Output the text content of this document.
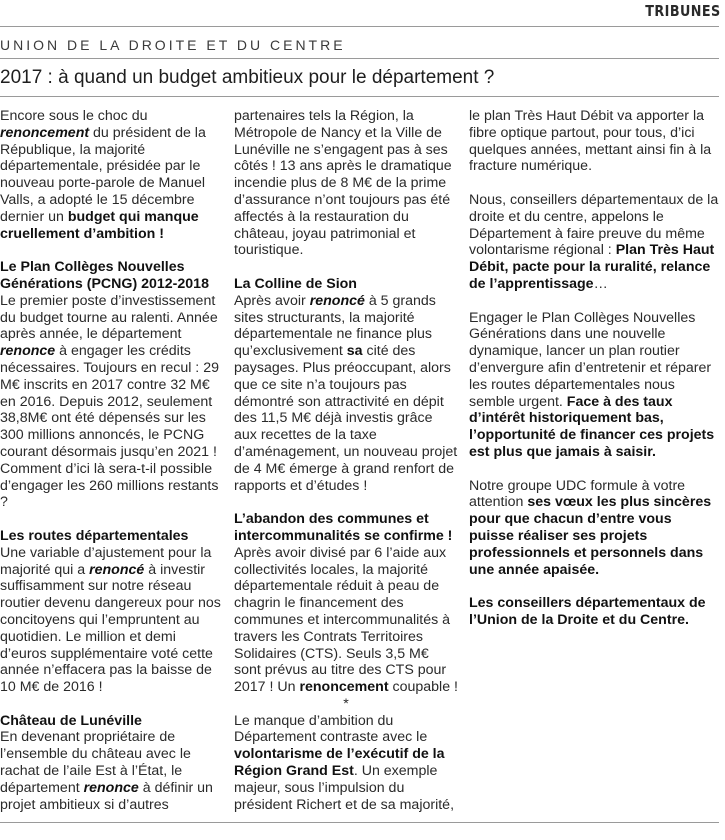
TRIBUNES
UNION DE LA DROITE ET DU CENTRE
2017 : à quand un budget ambitieux pour le département ?

Encore sous le choc du renoncement du président de la République, la majorité départementale, présidée par le nouveau porte-parole de Manuel Valls, a adopté le 15 décembre dernier un budget qui manque cruellement d’ambition !

Le Plan Collèges Nouvelles Générations (PCNG) 2012-2018
Le premier poste d’investissement du budget tourne au ralenti. Année après année, le département renonce à engager les crédits nécessaires. Toujours en recul : 29 M€ inscrits en 2017 contre 32 M€ en 2016. Depuis 2012, seulement 38,8M€ ont été dépensés sur les 300 millions annoncés, le PCNG courant désormais jusqu’en 2021 ! Comment d’ici là sera-t-il possible d’engager les 260 millions restants ?

Les routes départementales
Une variable d’ajustement pour la majorité qui a renoncé à investir suffisamment sur notre réseau routier devenu dangereux pour nos concitoyens qui l’empruntent au quotidien. Le million et demi d’euros supplémentaire voté cette année n’effacera pas la baisse de 10 M€ de 2016 !

Château de Lunéville
En devenant propriétaire de l’ensemble du château avec le rachat de l’aile Est à l’État, le département renonce à définir un projet ambitieux si d’autres

partenaires tels la Région, la Métropole de Nancy et la Ville de Lunéville ne s’engagent pas à ses côtés ! 13 ans après le dramatique incendie plus de 8 M€ de la prime d’assurance n’ont toujours pas été affectés à la restauration du château, joyau patrimonial et touristique.

La Colline de Sion
Après avoir renoncé à 5 grands sites structurants, la majorité départementale ne finance plus qu’exclusivement sa cité des paysages. Plus préoccupant, alors que ce site n’a toujours pas démontré son attractivité en dépit des 11,5 M€ déjà investis grâce aux recettes de la taxe d’aménagement, un nouveau projet de 4 M€ émerge à grand renfort de rapports et d’études !

L’abandon des communes et intercommunalités se confirme !
Après avoir divisé par 6 l’aide aux collectivités locales, la majorité départementale réduit à peau de chagrin le financement des communes et intercommunalités à travers les Contrats Territoires Solidaires (CTS). Seuls 3,5 M€ sont prévus au titre des CTS pour 2017 ! Un renoncement coupable !
*

Le manque d’ambition du Département contraste avec le volontarisme de l’exécutif de la Région Grand Est. Un exemple majeur, sous l’impulsion du président Richert et de sa majorité,

le plan Très Haut Débit va apporter la fibre optique partout, pour tous, d’ici quelques années, mettant ainsi fin à la fracture numérique.

Nous, conseillers départementaux de la droite et du centre, appelons le Département à faire preuve du même volontarisme régional : Plan Très Haut Débit, pacte pour la ruralité, relance de l’apprentissage…

Engager le Plan Collèges Nouvelles Générations dans une nouvelle dynamique, lancer un plan routier d’envergure afin d’entretenir et réparer les routes départementales nous semble urgent. Face à des taux d’intérêt historiquement bas, l’opportunité de financer ces projets est plus que jamais à saisir.

Notre groupe UDC formule à votre attention ses vœux les plus sincères pour que chacun d’entre vous puisse réaliser ses projets professionnels et personnels dans une année apaisée.

Les conseillers départementaux de l’Union de la Droite et du Centre.
